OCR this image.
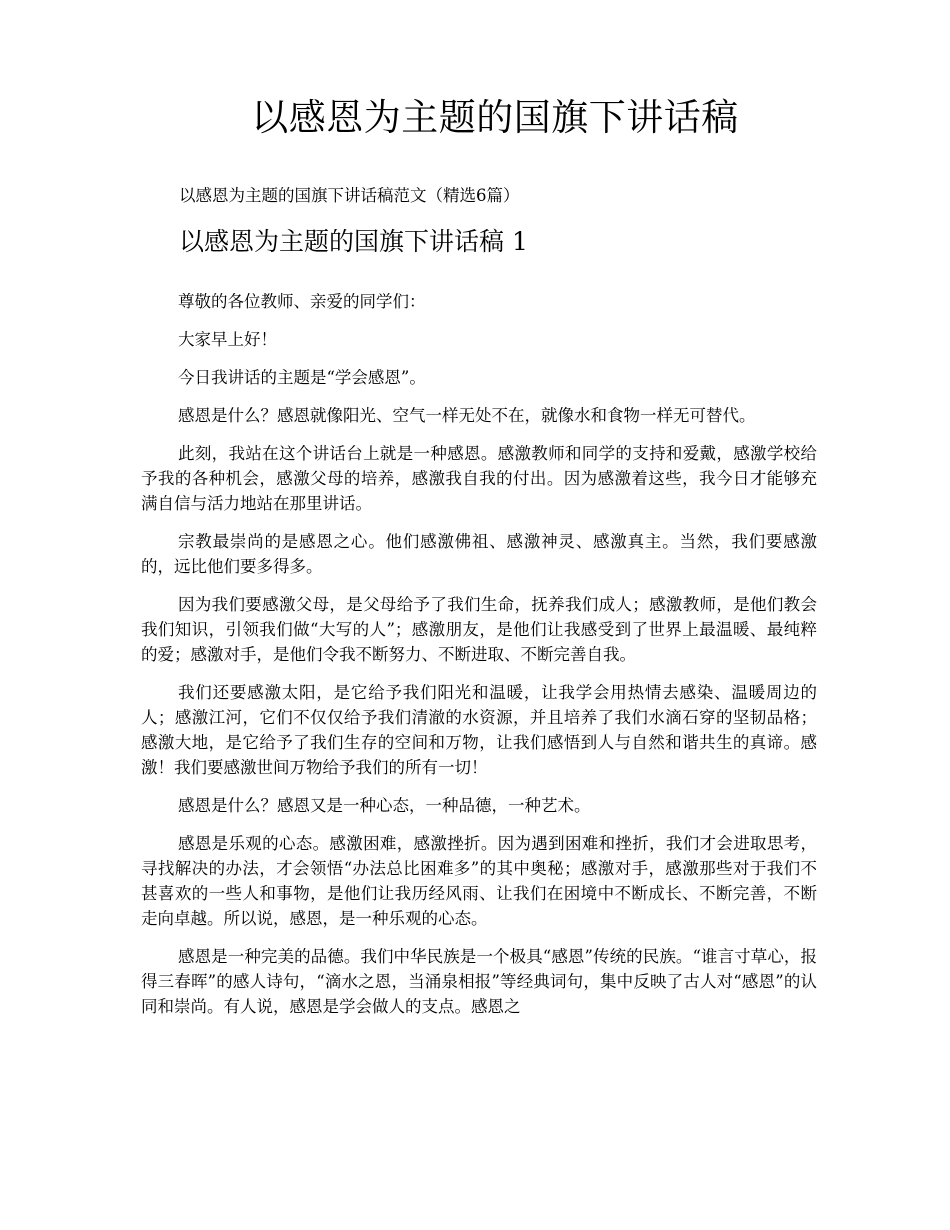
以感恩为主题的国旗下讲话稿

以感恩为主题的国旗下讲话稿范文（精选6篇）

以感恩为主题的国旗下讲话稿 1

尊敬的各位教师、亲爱的同学们：

大家早上好！

今日我讲话的主题是“学会感恩”。

感恩是什么？感恩就像阳光、空气一样无处不在，就像水和食物一样无可替代。

此刻，我站在这个讲话台上就是一种感恩。感激教师和同学的支持和爱戴，感激学校给予我的各种机会，感激父母的培养，感激我自我的付出。因为感激着这些，我今日才能够充满自信与活力地站在那里讲话。

宗教最崇尚的是感恩之心。他们感激佛祖、感激神灵、感激真主。当然，我们要感激的，远比他们要多得多。

因为我们要感激父母，是父母给予了我们生命，抚养我们成人；感激教师，是他们教会我们知识，引领我们做“大写的人”；感激朋友，是他们让我感受到了世界上最温暖、最纯粹的爱；感激对手，是他们令我不断努力、不断进取、不断完善自我。

我们还要感激太阳，是它给予我们阳光和温暖，让我学会用热情去感染、温暖周边的人；感激江河，它们不仅仅给予我们清澈的水资源，并且培养了我们水滴石穿的坚韧品格；感激大地，是它给予了我们生存的空间和万物，让我们感悟到人与自然和谐共生的真谛。感激！我们要感激世间万物给予我们的所有一切！

感恩是什么？感恩又是一种心态，一种品德，一种艺术。

感恩是乐观的心态。感激困难，感激挫折。因为遇到困难和挫折，我们才会进取思考，寻找解决的办法，才会领悟“办法总比困难多”的其中奥秘；感激对手，感激那些对于我们不甚喜欢的一些人和事物，是他们让我历经风雨、让我们在困境中不断成长、不断完善，不断走向卓越。所以说，感恩，是一种乐观的心态。

感恩是一种完美的品德。我们中华民族是一个极具“感恩”传统的民族。“谁言寸草心，报得三春晖”的感人诗句，“滴水之恩，当涌泉相报”等经典词句，集中反映了古人对“感恩”的认同和崇尚。有人说，感恩是学会做人的支点。感恩之
